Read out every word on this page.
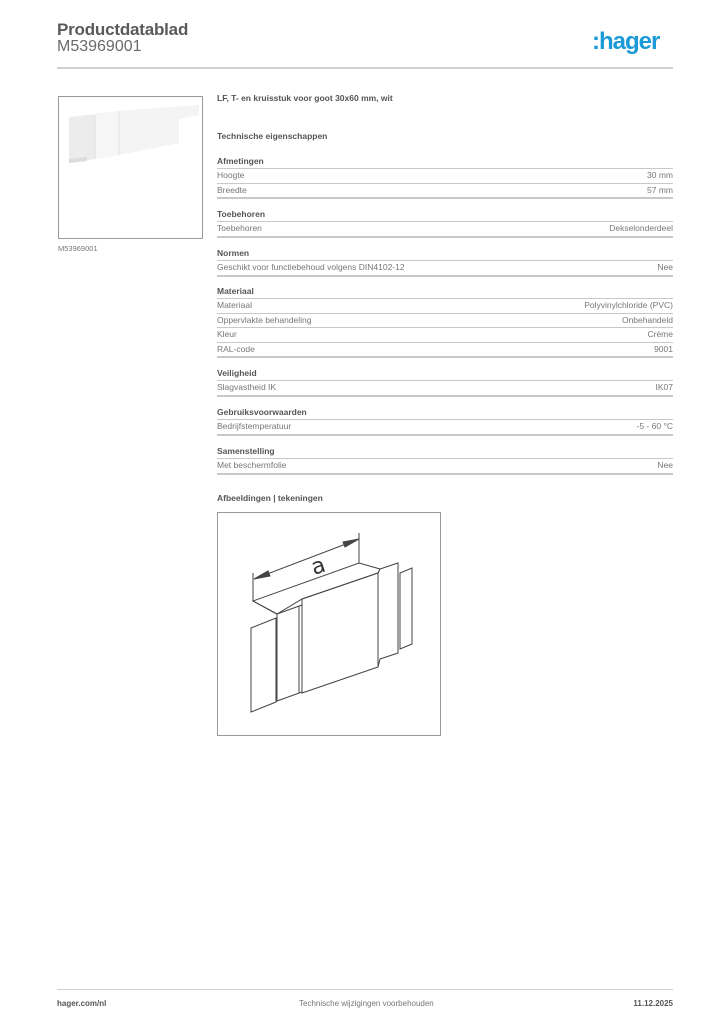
Productdatablad
M53969001	:hager
M53969001
LF, T- en kruisstuk voor goot 30x60 mm, wit
Technische eigenschappen
Afmetingen
Hoogte	30 mm
Breedte	57 mm
Toebehoren
Toebehoren	Dekselonderdeel
Normen
Geschikt voor functiebehoud volgens DIN4102-12	Nee
Materiaal
Materiaal	Polyvinylchloride (PVC)
Oppervlakte behandeling	Onbehandeld
Kleur	Crème
RAL-code	9001
Veiligheid
Slagvastheid IK	IK07
Gebruiksvoorwaarden
Bedrijfstemperatuur	-5 - 60 °C
Samenstelling
Met beschermfolie	Nee
Afbeeldingen | tekeningen
a
hager.com/nl	Technische wijzigingen voorbehouden	11.12.2025
